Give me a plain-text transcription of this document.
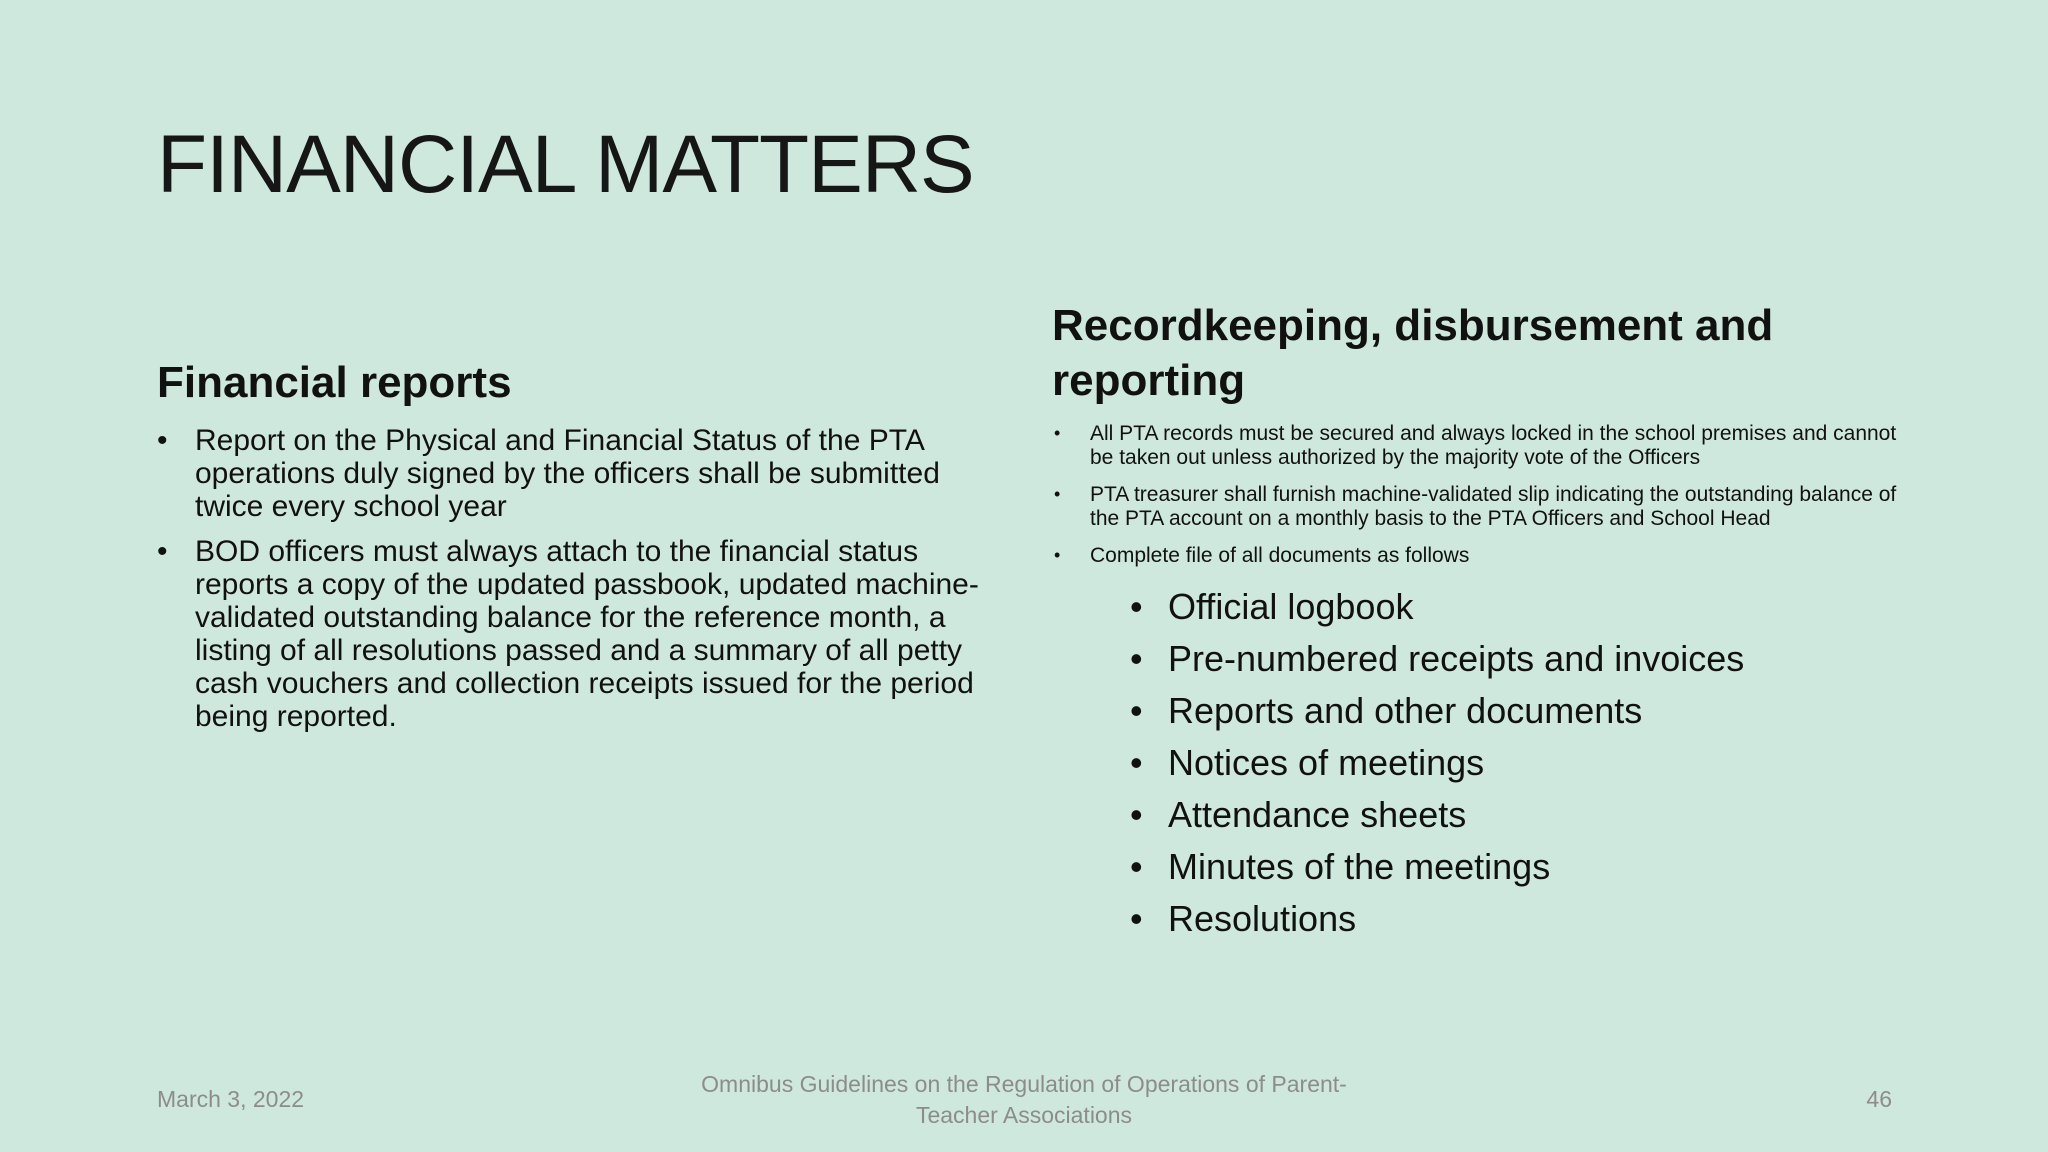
FINANCIAL MATTERS
Financial reports
• Report on the Physical and Financial Status of the PTA operations duly signed by the officers shall be submitted twice every school year
• BOD officers must always attach to the financial status reports a copy of the updated passbook, updated machine-validated outstanding balance for the reference month, a listing of all resolutions passed and a summary of all petty cash vouchers and collection receipts issued for the period being reported.
Recordkeeping, disbursement and
reporting
• All PTA records must be secured and always locked in the school premises and cannot be taken out unless authorized by the majority vote of the Officers
• PTA treasurer shall furnish machine-validated slip indicating the outstanding balance of the PTA account on a monthly basis to the PTA Officers and School Head
• Complete file of all documents as follows
• Official logbook
• Pre-numbered receipts and invoices
• Reports and other documents
• Notices of meetings
• Attendance sheets
• Minutes of the meetings
• Resolutions
March 3, 2022
Omnibus Guidelines on the Regulation of Operations of Parent-
Teacher Associations
46
